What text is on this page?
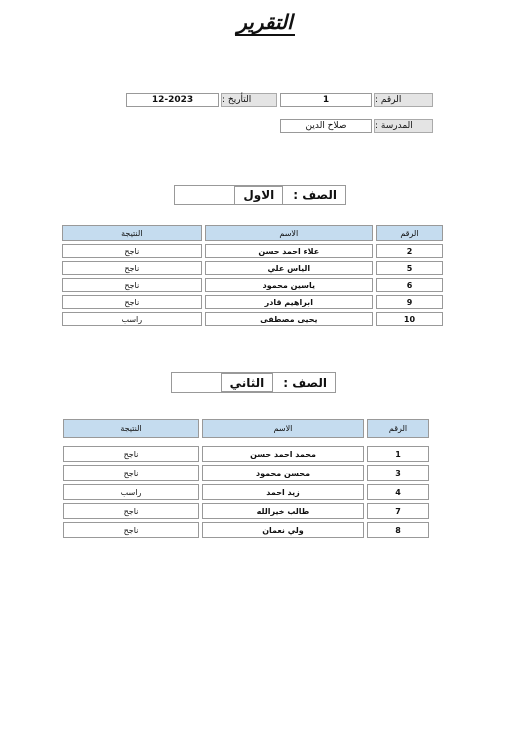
التقرير
الرقم :
1
التأريخ :
12-2023
المدرسة :
صلاح الدين
الصف :
الاول
الرقم	الاسم	النتيجة
2	علاء احمد حسن	ناجح
5	الياس علي	ناجح
6	ياسين محمود	ناجح
9	ابراهيم قادر	ناجح
10	يحيى مصطفى	راسب
الصف :
الثاني
الرقم	الاسم	النتيجة

1	محمد احمد حسن	ناجح
3	محسن محمود	ناجح
4	زيد احمد	راسب
7	طالب خيرالله	ناجح
8	ولي نعمان	ناجح
